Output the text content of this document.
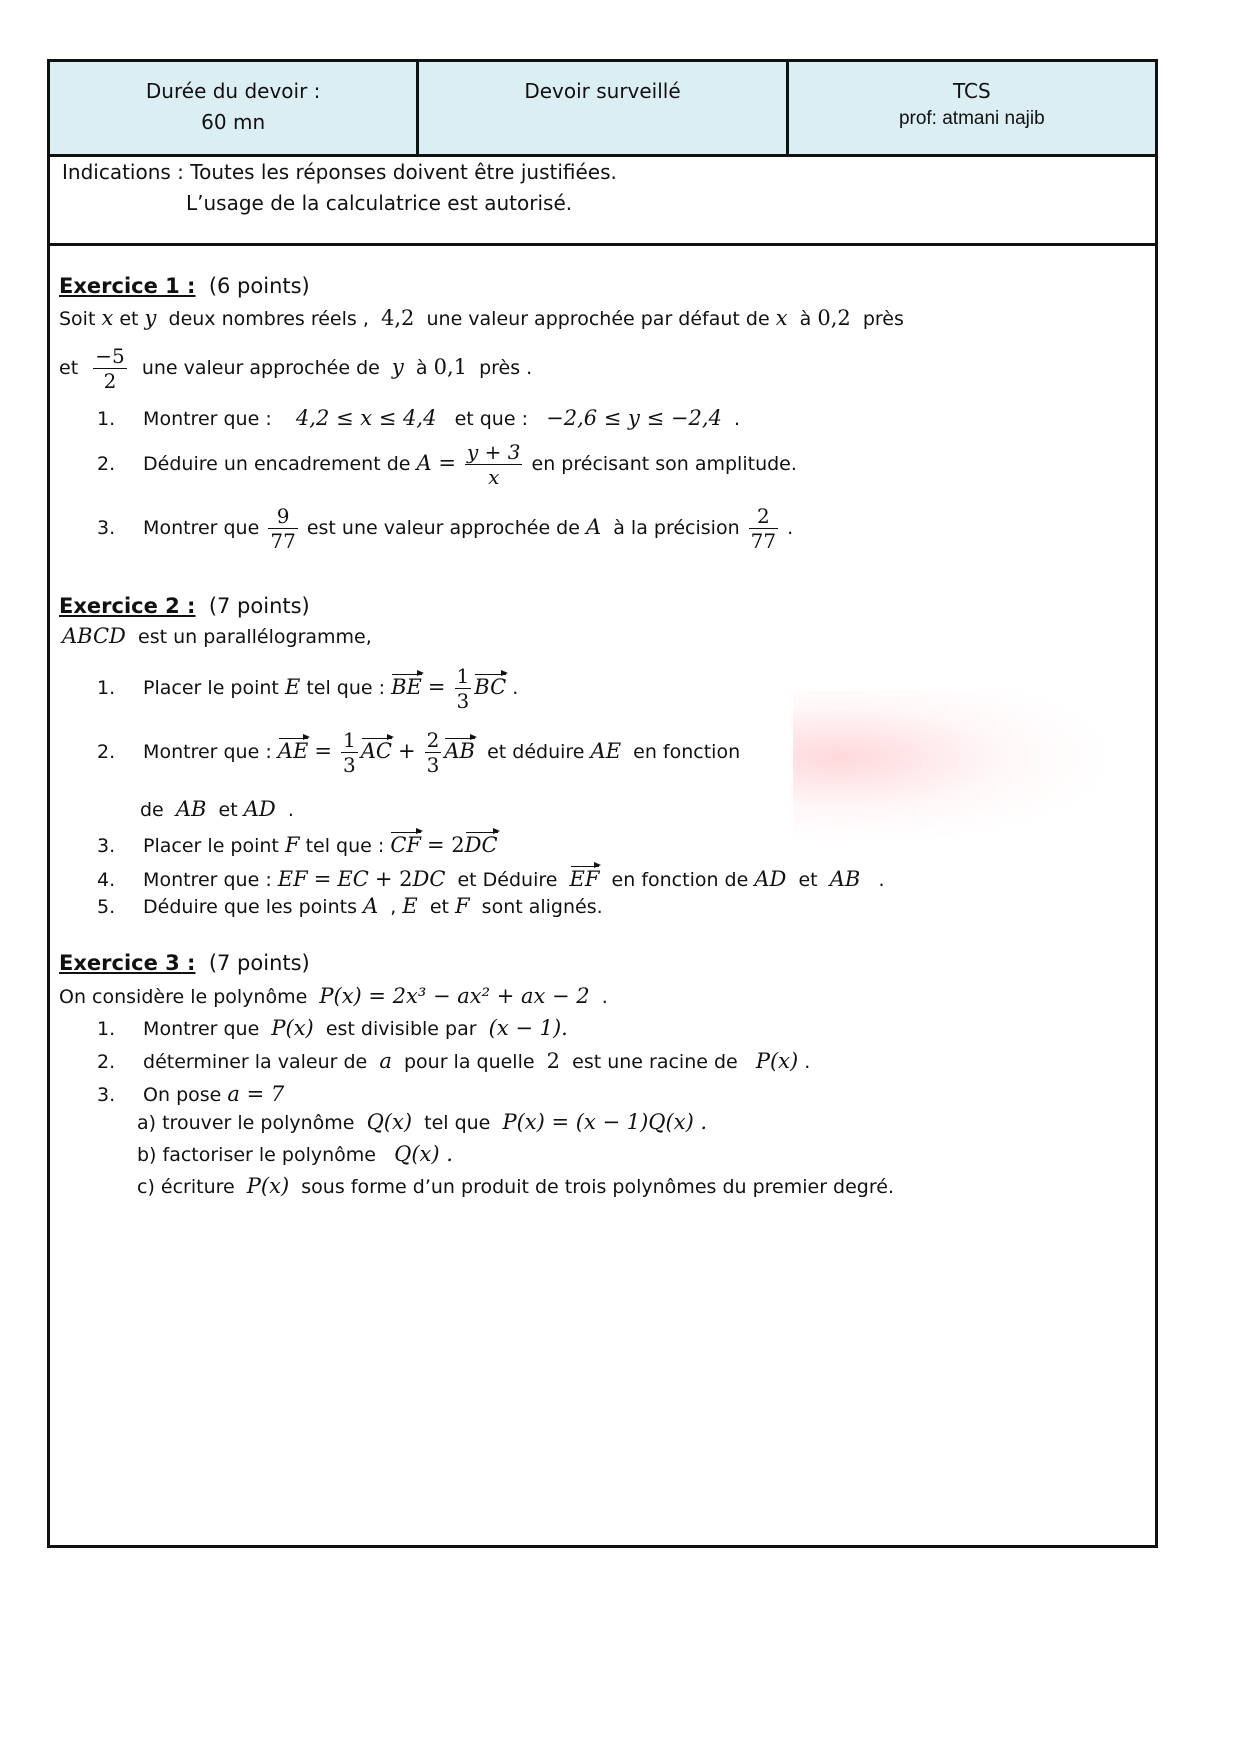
Durée du devoir :
60 mn
Devoir surveillé	TCS
prof: atmani najib
Indications : Toutes les réponses doivent être justifiées.
L’usage de la calculatrice est autorisé.
Exercice 1 : (6 points)
Soit x et y deux nombres réels , 4,2 une valeur approchée par défaut de x à 0,2 près
et $\frac{-5}{2}$ une valeur approchée de y à 0,1 près .
1. Montrer que : 4,2 ≤ x ≤ 4,4 et que : −2,6 ≤ y ≤ −2,4 .
2. Déduire un encadrement de $A = \frac{y + 3}{x}$ en précisant son amplitude.
3. Montrer que $\frac{9}{77}$ est une valeur approchée de A à la précision $\frac{2}{77}$ .
Exercice 2 : (7 points)
ABCD est un parallélogramme,
1. Placer le point E tel que : BE = $\frac{1}{3}$ BC .
2. Montrer que : AE = $\frac{1}{3}$ AC + $\frac{2}{3}$ AB et déduire AE en fonction
de AB et AD .
3. Placer le point F tel que : CF = 2DC
4. Montrer que : EF = EC + 2DC et Déduire EF en fonction de AD et AB .
5. Déduire que les points A , E et F sont alignés.
Exercice 3 : (7 points)
On considère le polynôme P(x) = 2x³ − ax² + ax − 2 .
1. Montrer que P(x) est divisible par (x − 1).
2. déterminer la valeur de a pour la quelle 2 est une racine de P(x) .
3. On pose a = 7
a) trouver le polynôme Q(x) tel que P(x) = (x − 1)Q(x) .
b) factoriser le polynôme Q(x) .
c) écriture P(x) sous forme d’un produit de trois polynômes du premier degré.
